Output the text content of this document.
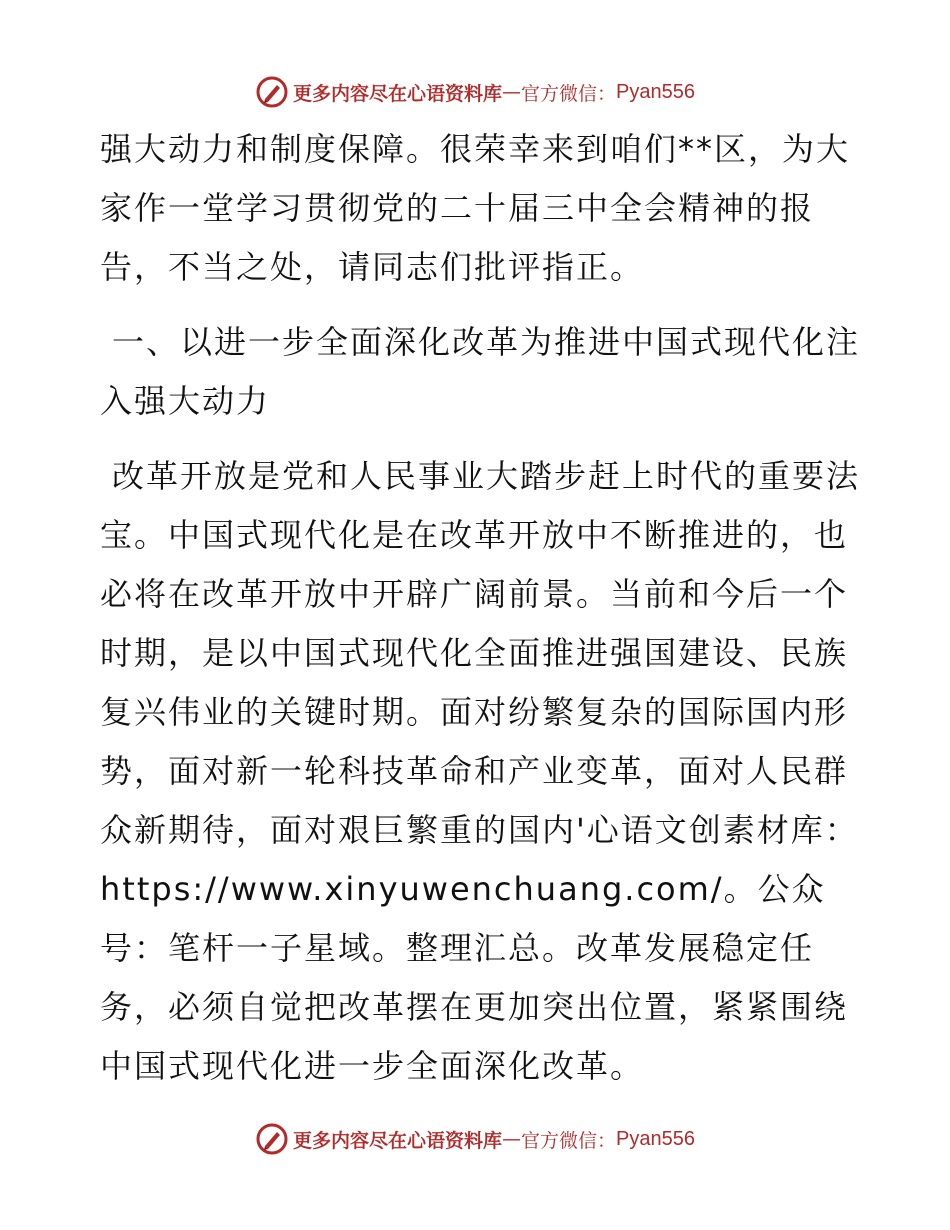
更多内容尽在心语资料库 — 官方微信： Pyan556

强大动力和制度保障。很荣幸来到咱们**区，为大家作一堂学习贯彻党的二十届三中全会精神的报告，不当之处，请同志们批评指正。

一、以进一步全面深化改革为推进中国式现代化注入强大动力

改革开放是党和人民事业大踏步赶上时代的重要法宝。中国式现代化是在改革开放中不断推进的，也必将在改革开放中开辟广阔前景。当前和今后一个时期，是以中国式现代化全面推进强国建设、民族复兴伟业的关键时期。面对纷繁复杂的国际国内形势，面对新一轮科技革命和产业变革，面对人民群众新期待，面对艰巨繁重的国内'心语文创素材库：https://www.xinyuwenchuang.com/。公众号：笔杆一子星域。整理汇总。改革发展稳定任务，必须自觉把改革摆在更加突出位置，紧紧围绕中国式现代化进一步全面深化改革。

更多内容尽在心语资料库 — 官方微信： Pyan556
